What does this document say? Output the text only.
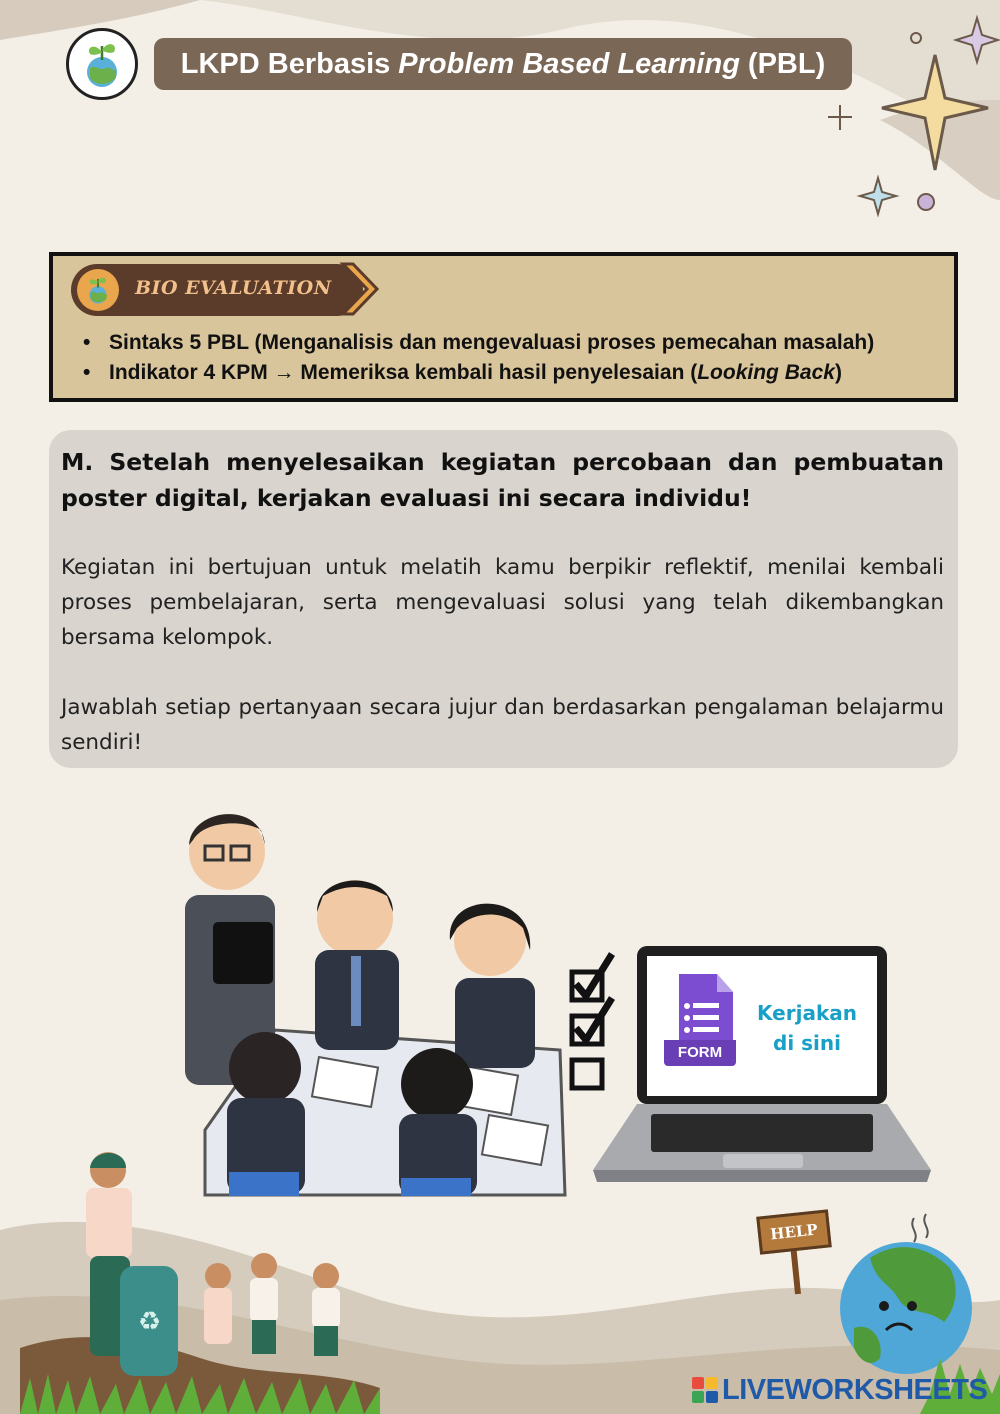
LKPD Berbasis Problem Based Learning (PBL)
BIO EVALUATION
• Sintaks 5 PBL (Menganalisis dan mengevaluasi proses pemecahan masalah)
• Indikator 4 KPM → Memeriksa kembali hasil penyelesaian (Looking Back)

M. Setelah menyelesaikan kegiatan percobaan dan pembuatan poster digital, kerjakan evaluasi ini secara individu!

Kegiatan ini bertujuan untuk melatih kamu berpikir reflektif, menilai kembali proses pembelajaran, serta mengevaluasi solusi yang telah dikembangkan bersama kelompok.

Jawablah setiap pertanyaan secara jujur dan berdasarkan pengalaman belajarmu sendiri!

FORM
Kerjakan
di sini
♻
HELP
LIVEWORKSHEETS
